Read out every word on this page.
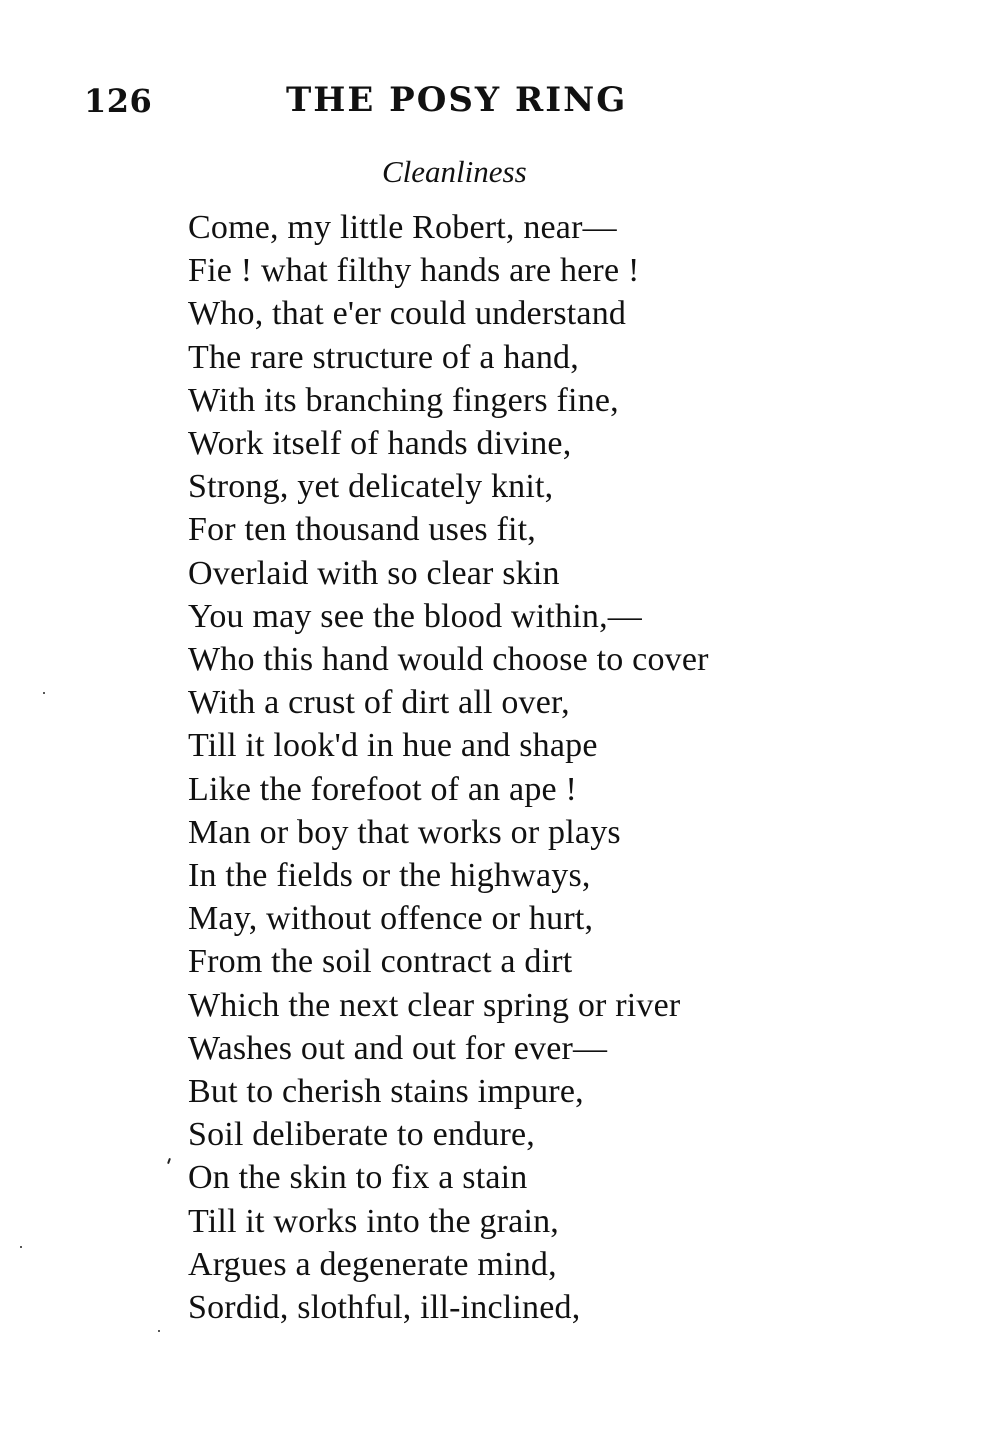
126	THE POSY RING
Cleanliness
Come, my little Robert, near—
Fie ! what filthy hands are here !
Who, that e'er could understand
The rare structure of a hand,
With its branching fingers fine,
Work itself of hands divine,
Strong, yet delicately knit,
For ten thousand uses fit,
Overlaid with so clear skin
You may see the blood within,—
Who this hand would choose to cover
With a crust of dirt all over,
Till it look'd in hue and shape
Like the forefoot of an ape !
Man or boy that works or plays
In the fields or the highways,
May, without offence or hurt,
From the soil contract a dirt
Which the next clear spring or river
Washes out and out for ever—
But to cherish stains impure,
Soil deliberate to endure,
On the skin to fix a stain
Till it works into the grain,
Argues a degenerate mind,
Sordid, slothful, ill-inclined,
